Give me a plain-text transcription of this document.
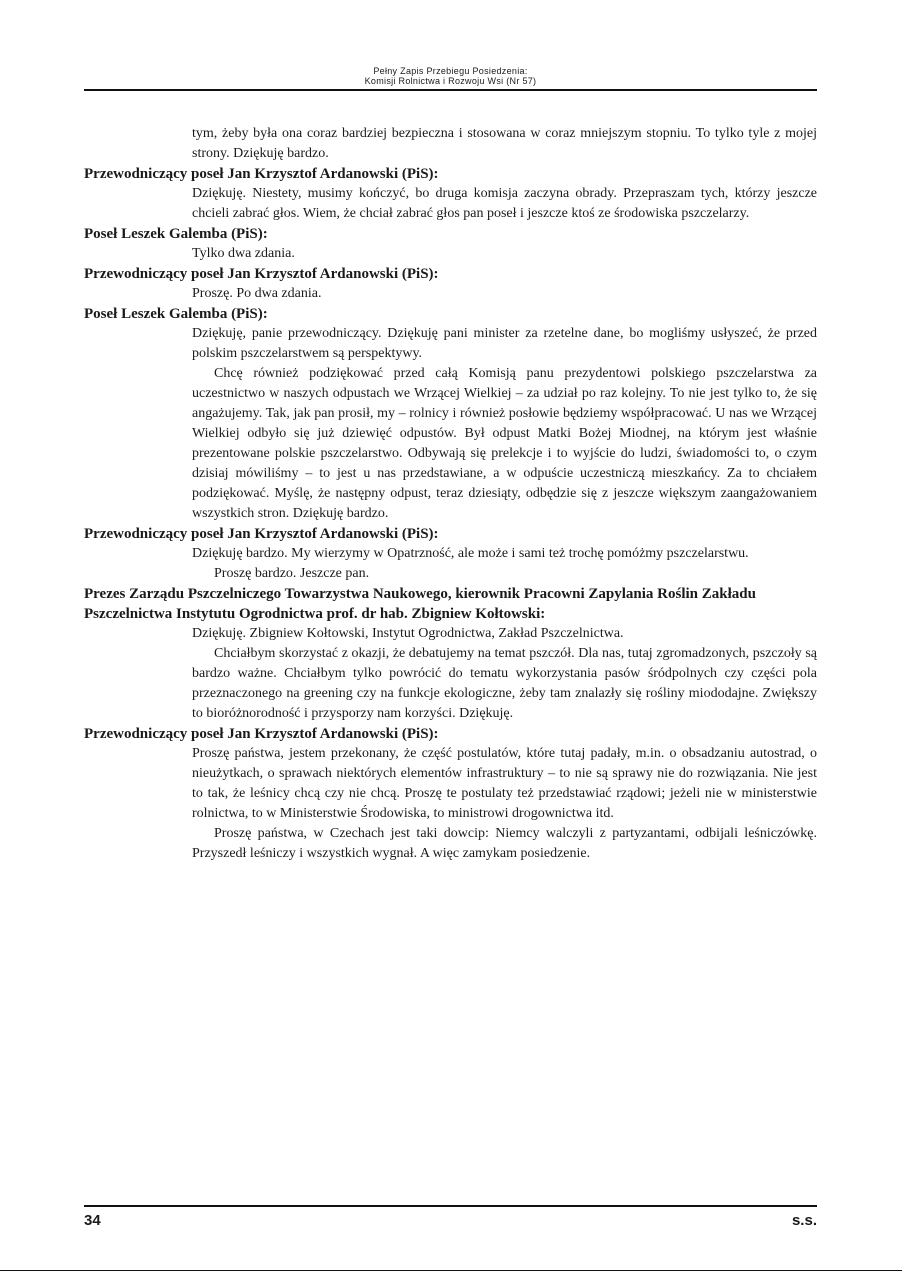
Pełny Zapis Przebiegu Posiedzenia:
Komisji Rolnictwa i Rozwoju Wsi (Nr 57)

tym, żeby była ona coraz bardziej bezpieczna i stosowana w coraz mniejszym stopniu. To tylko tyle z mojej strony. Dziękuję bardzo.

Przewodniczący poseł Jan Krzysztof Ardanowski (PiS):

Dziękuję. Niestety, musimy kończyć, bo druga komisja zaczyna obrady. Przepraszam tych, którzy jeszcze chcieli zabrać głos. Wiem, że chciał zabrać głos pan poseł i jeszcze ktoś ze środowiska pszczelarzy.

Poseł Leszek Galemba (PiS):

Tylko dwa zdania.

Przewodniczący poseł Jan Krzysztof Ardanowski (PiS):

Proszę. Po dwa zdania.

Poseł Leszek Galemba (PiS):

Dziękuję, panie przewodniczący. Dziękuję pani minister za rzetelne dane, bo mogliśmy usłyszeć, że przed polskim pszczelarstwem są perspektywy.

Chcę również podziękować przed całą Komisją panu prezydentowi polskiego pszczelarstwa za uczestnictwo w naszych odpustach we Wrzącej Wielkiej – za udział po raz kolejny. To nie jest tylko to, że się angażujemy. Tak, jak pan prosił, my – rolnicy i również posłowie będziemy współpracować. U nas we Wrzącej Wielkiej odbyło się już dziewięć odpustów. Był odpust Matki Bożej Miodnej, na którym jest właśnie prezentowane polskie pszczelarstwo. Odbywają się prelekcje i to wyjście do ludzi, świadomości to, o czym dzisiaj mówiliśmy – to jest u nas przedstawiane, a w odpuście uczestniczą mieszkańcy. Za to chciałem podziękować. Myślę, że następny odpust, teraz dziesiąty, odbędzie się z jeszcze większym zaangażowaniem wszystkich stron. Dziękuję bardzo.

Przewodniczący poseł Jan Krzysztof Ardanowski (PiS):

Dziękuję bardzo. My wierzymy w Opatrzność, ale może i sami też trochę pomóżmy pszczelarstwu.

Proszę bardzo. Jeszcze pan.

Prezes Zarządu Pszczelniczego Towarzystwa Naukowego, kierownik Pracowni Zapylania Roślin Zakładu Pszczelnictwa Instytutu Ogrodnictwa prof. dr hab. Zbigniew Kołtowski:

Dziękuję. Zbigniew Kołtowski, Instytut Ogrodnictwa, Zakład Pszczelnictwa.

Chciałbym skorzystać z okazji, że debatujemy na temat pszczół. Dla nas, tutaj zgromadzonych, pszczoły są bardzo ważne. Chciałbym tylko powrócić do tematu wykorzystania pasów śródpolnych czy części pola przeznaczonego na greening czy na funkcje ekologiczne, żeby tam znalazły się rośliny miododajne. Zwiększy to bioróżnorodność i przysporzy nam korzyści. Dziękuję.

Przewodniczący poseł Jan Krzysztof Ardanowski (PiS):

Proszę państwa, jestem przekonany, że część postulatów, które tutaj padały, m.in. o obsadzaniu autostrad, o nieużytkach, o sprawach niektórych elementów infrastruktury – to nie są sprawy nie do rozwiązania. Nie jest to tak, że leśnicy chcą czy nie chcą. Proszę te postulaty też przedstawiać rządowi; jeżeli nie w ministerstwie rolnictwa, to w Ministerstwie Środowiska, to ministrowi drogownictwa itd.

Proszę państwa, w Czechach jest taki dowcip: Niemcy walczyli z partyzantami, odbijali leśniczówkę. Przyszedł leśniczy i wszystkich wygnał. A więc zamykam posiedzenie.

34	s.s.
